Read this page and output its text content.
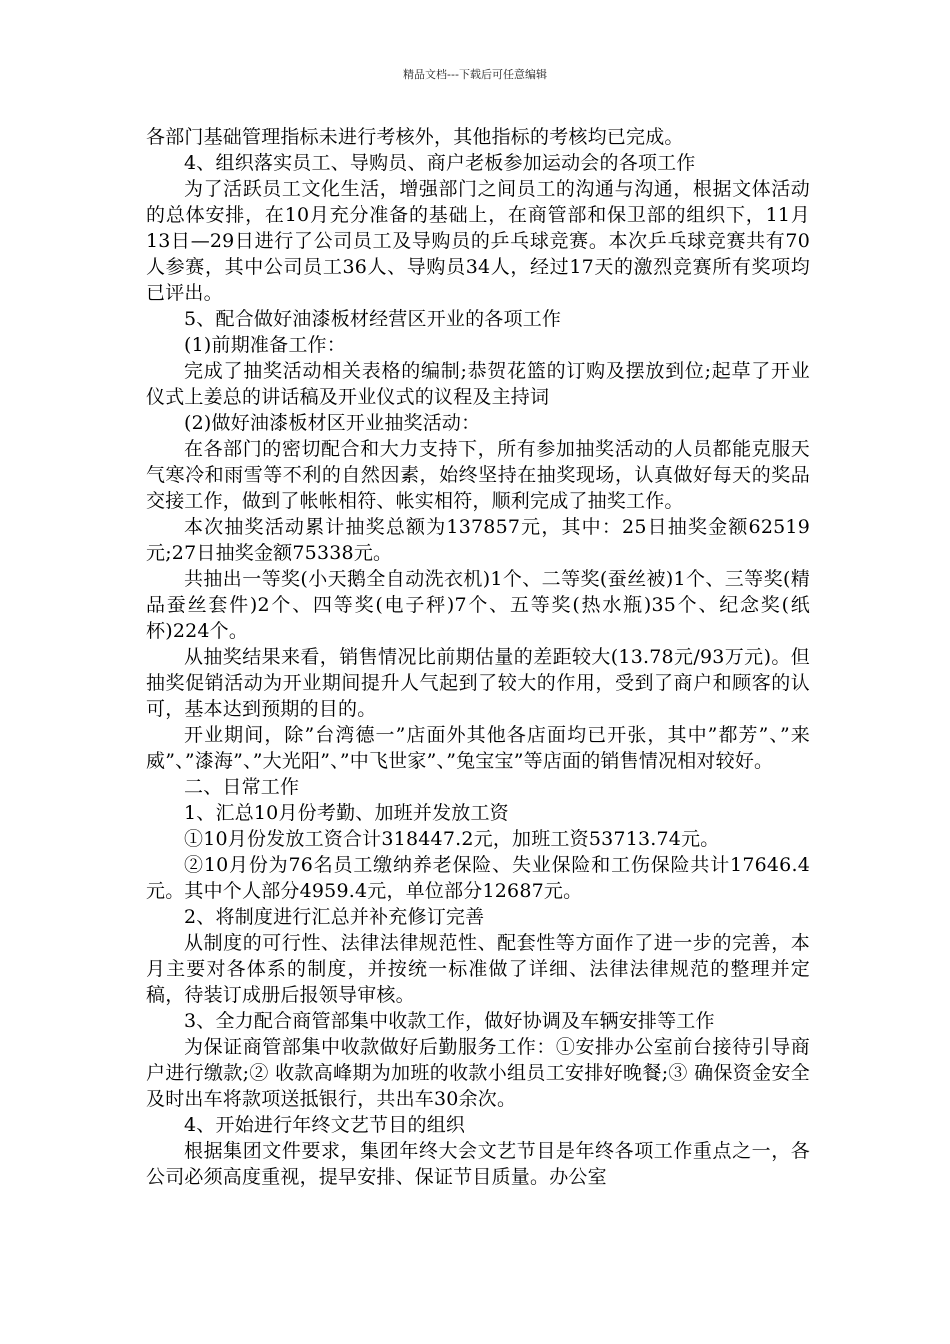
精品文档---下载后可任意编辑

各部门基础管理指标未进行考核外，其他指标的考核均已完成。

4、组织落实员工、导购员、商户老板参加运动会的各项工作

为了活跃员工文化生活，增强部门之间员工的沟通与沟通，根据文体活动的总体安排，在10月充分准备的基础上，在商管部和保卫部的组织下，11月13日—29日进行了公司员工及导购员的乒乓球竞赛。本次乒乓球竞赛共有70人参赛，其中公司员工36人、导购员34人，经过17天的激烈竞赛所有奖项均已评出。

5、配合做好油漆板材经营区开业的各项工作

(1)前期准备工作：

完成了抽奖活动相关表格的编制;恭贺花篮的订购及摆放到位;起草了开业仪式上姜总的讲话稿及开业仪式的议程及主持词

(2)做好油漆板材区开业抽奖活动：

在各部门的密切配合和大力支持下，所有参加抽奖活动的人员都能克服天气寒冷和雨雪等不利的自然因素，始终坚持在抽奖现场，认真做好每天的奖品交接工作，做到了帐帐相符、帐实相符，顺利完成了抽奖工作。

本次抽奖活动累计抽奖总额为137857元，其中：25日抽奖金额62519元;27日抽奖金额75338元。

共抽出一等奖(小天鹅全自动洗衣机)1个、二等奖(蚕丝被)1个、三等奖(精品蚕丝套件)2个、四等奖(电子秤)7个、五等奖(热水瓶)35个、纪念奖(纸杯)224个。

从抽奖结果来看，销售情况比前期估量的差距较大(13.78元/93万元)。但抽奖促销活动为开业期间提升人气起到了较大的作用，受到了商户和顾客的认可，基本达到预期的目的。

开业期间，除”台湾德一”店面外其他各店面均已开张，其中”都芳”、”来威”、”漆海”、”大光阳”、”中飞世家”、”兔宝宝”等店面的销售情况相对较好。

二、日常工作

1、汇总10月份考勤、加班并发放工资

①10月份发放工资合计318447.2元，加班工资53713.74元。

②10月份为76名员工缴纳养老保险、失业保险和工伤保险共计17646.4元。其中个人部分4959.4元，单位部分12687元。

2、将制度进行汇总并补充修订完善

从制度的可行性、法律法律规范性、配套性等方面作了进一步的完善，本月主要对各体系的制度，并按统一标准做了详细、法律法律规范的整理并定稿，待装订成册后报领导审核。

3、全力配合商管部集中收款工作，做好协调及车辆安排等工作

为保证商管部集中收款做好后勤服务工作：①安排办公室前台接待引导商户进行缴款;② 收款高峰期为加班的收款小组员工安排好晚餐;③ 确保资金安全及时出车将款项送抵银行，共出车30余次。

4、开始进行年终文艺节目的组织

根据集团文件要求，集团年终大会文艺节目是年终各项工作重点之一，各公司必须高度重视，提早安排、保证节目质量。办公室
